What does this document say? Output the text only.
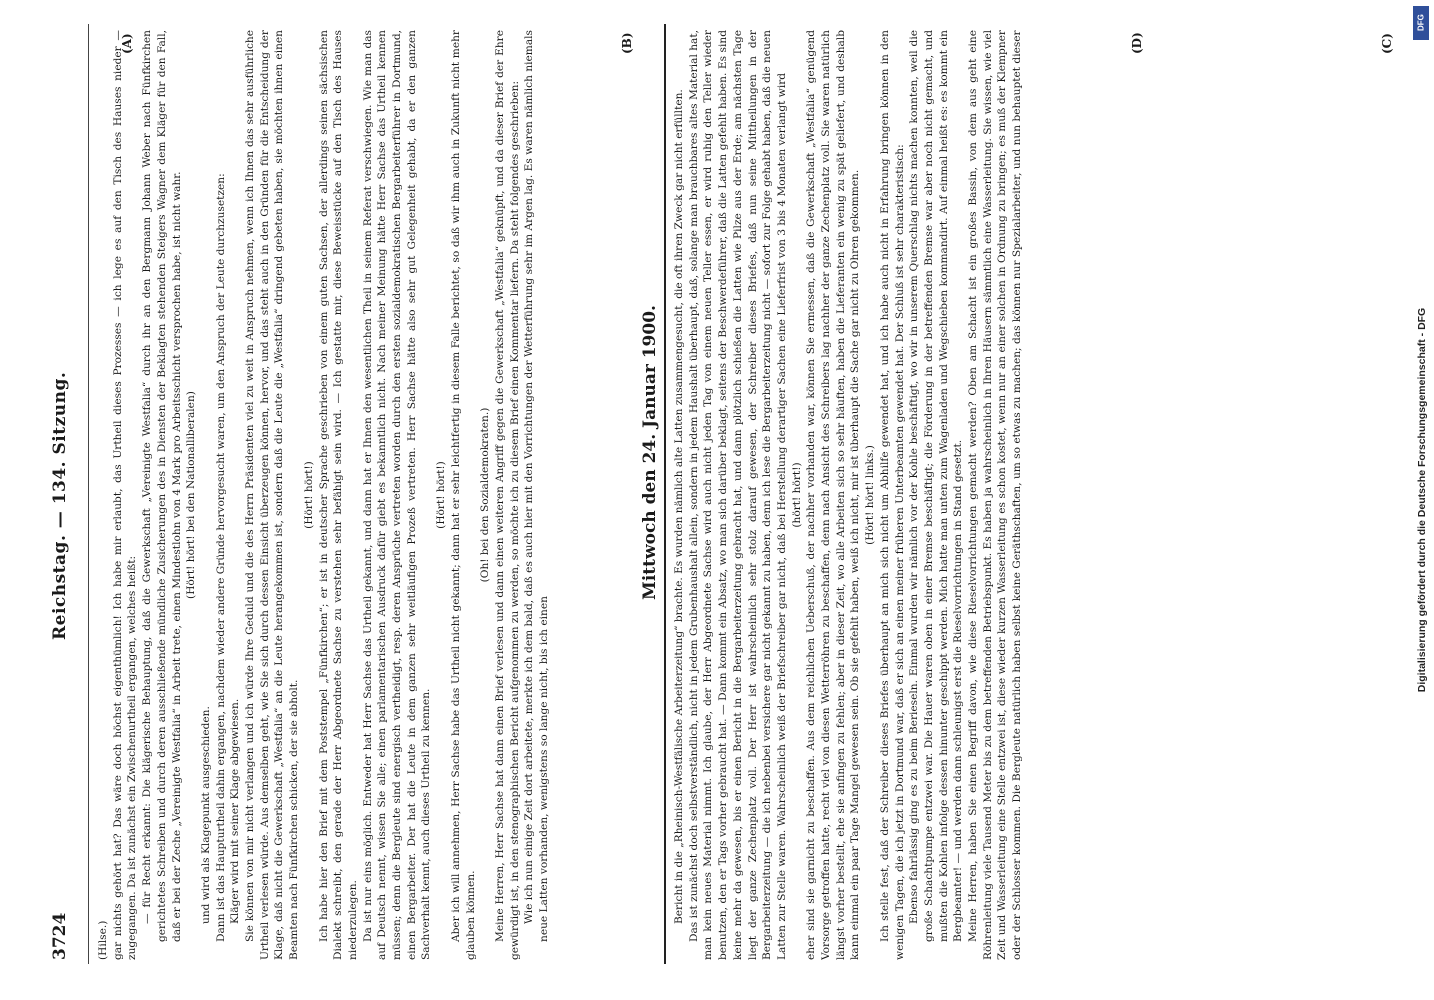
3724
Reichstag. — 134. Sitzung.
(A)	(B)

(Hilse.) gar nichts gehört hat? Das wäre doch höchst eigenthümlich! Ich habe mir erlaubt, das Urtheil dieses Prozesses — ich lege es auf den Tisch des Hauses nieder — zugegangen. Da ist zunächst ein Zwischenurtheil ergangen, welches heißt: — für Recht erkannt: Die klägerische Behauptung, daß die Gewerkschaft „Vereinigte Westfalia“ durch ihr an den Bergmann Johann Weber nach Fünfkirchen gerichtetes Schreiben und durch deren ausschließende mündliche Zusicherungen des in Diensten der Beklagten stehenden Steigers Wagner dem Kläger für den Fall, daß er bei der Zeche „Vereinigte Westfalia“ in Arbeit trete, einen Mindestlohn von 4 Mark pro Arbeitsschicht versprochen habe, ist nicht wahr. (Hört! hört! bei den Nationalliberalen)

und wird als Klagepunkt ausgeschieden. Dann ist das Haupturtheil dahin ergangen, nachdem wieder andere Gründe hervorgesucht waren, um den Anspruch der Leute durchzusetzen: Kläger wird mit seiner Klage abgewiesen. Sie können von mir nicht verlangen und ich würde Ihre Geduld und die des Herrn Präsidenten viel zu weit in Anspruch nehmen, wenn ich Ihnen das sehr ausführliche Urtheil verlesen würde. Aus demselben geht, wie Sie sich durch dessen Einsicht überzeugen können, hervor, und das steht auch in den Gründen für die Entscheidung der Klage, daß nicht die Gewerkschaft „Westfalia“ an die Leute herangekommen ist, sondern daß die Leute die „Westfalia“ dringend gebeten haben, sie möchten ihnen einen Beamten nach Fünfkirchen schicken, der sie abholt.

(Hört! hört!) Ich habe hier den Brief mit dem Poststempel „Fünfkirchen“; er ist in deutscher Sprache geschrieben von einem guten Sachsen, der allerdings seinen sächsischen Dialekt schreibt, den gerade der Herr Abgeordnete Sachse zu verstehen sehr befähigt sein wird. — Ich gestatte mir, diese Beweisstücke auf den Tisch des Hauses niederzulegen. Da ist nur eins möglich. Entweder hat Herr Sachse das Urtheil gekannt, und dann hat er Ihnen den wesentlichen Theil in seinem Referat verschwiegen. Wie man das auf Deutsch nennt, wissen Sie alle; einen parlamentarischen Ausdruck dafür giebt es bekanntlich nicht. Nach meiner Meinung hätte Herr Sachse das Urtheil kennen müssen; denn die Bergleute sind energisch vertheidigt, resp. deren Ansprüche vertreten worden durch den ersten sozialdemokratischen Bergarbeiterführer in Dortmund, einen Bergarbeiter. Der hat die Leute in dem ganzen sehr weitläufigen Prozeß vertreten. Herr Sachse hätte also sehr gut Gelegenheit gehabt, da er den ganzen Sachverhalt kennt, auch dieses Urtheil zu kennen.

(Hört! hört!) Aber ich will annehmen, Herr Sachse habe das Urtheil nicht gekannt; dann hat er sehr leichtfertig in diesem Falle berichtet, so daß wir ihm auch in Zukunft nicht mehr glauben können.

(Oh! bei den Sozialdemokraten.) Meine Herren, Herr Sachse hat dann einen Brief verlesen und dann einen weiteren Angriff gegen die Gewerkschaft „Westfalia“ geknüpft, und da dieser Brief der Ehre gewürdigt ist, in den stenographischen Bericht aufgenommen zu werden, so möchte ich zu diesem Brief einen Kommentar liefern. Da steht folgendes geschrieben: Wie ich nun einige Zeit dort arbeitete, merkte ich dem bald, daß es auch hier mit den Vorrichtungen der Wetterführung sehr im Argen lag. Es waren nämlich niemals neue Latten vorhanden, wenigstens so lange nicht, bis ich einen	Bericht in die „Rheinisch-Westfälische Arbeiterzeitung“ brachte. Es wurden nämlich alte Latten zusammengesucht, die oft ihren Zweck gar nicht erfüllten. Das ist zunächst doch selbstverständlich, nicht in jedem Grubenhaushalt allein, sondern in jedem Haushalt überhaupt, daß, solange man brauchbares altes Material hat, man kein neues Material nimmt. Ich glaube, der Herr Abgeordnete Sachse wird auch nicht jeden Tag von einem neuen Teller essen, er wird ruhig den Teller wieder benutzen, den er Tags vorher gebraucht hat. — Dann kommt ein Absatz, wo man sich darüber beklagt, seitens der Beschwerdeführer, daß die Latten gefehlt haben. Es sind keine mehr da gewesen, bis er einen Bericht in die Bergarbeiterzeitung gebracht hat, und dann plötzlich schießen die Latten wie Pilze aus der Erde; am nächsten Tage liegt der ganze Zechenplatz voll. Der Herr ist wahrscheinlich sehr stolz darauf gewesen, der Schreiber dieses Briefes, daß nun seine Mittheilungen in der Bergarbeiterzeitung — die ich nebenbei versichere gar nicht gekannt zu haben, denn ich lese die Bergarbeiterzeitung nicht — sofort zur Folge gehabt haben, daß die neuen Latten zur Stelle waren. Wahrscheinlich weiß der Briefschreiber gar nicht, daß bei Herstellung derartiger Sachen eine Lieferfrist von 3 bis 4 Monaten verlangt wird (hört! hört!) eher sind sie garnicht zu beschaffen. Aus dem reichlichen Ueberschuß, der nachher vorhanden war, können Sie ermessen, daß die Gewerkschaft „Westfalia“ genügend Vorsorge getroffen hatte, recht viel von diesen Wetterröhren zu beschaffen, denn nach Ansicht des Schreibers lag nachher der ganze Zechenplatz voll. Sie waren natürlich längst vorher bestellt, ehe sie anfingen zu fehlen; aber in dieser Zeit, wo alle Arbeiten sich so sehr häuften, haben die Lieferanten ein wenig zu spät geliefert, und deshalb kann einmal ein paar Tage Mangel gewesen sein. Ob sie gefehlt haben, weiß ich nicht, mir ist überhaupt die Sache gar nicht zu Ohren gekommen. (Hört! hört! links.) Ich stelle fest, daß der Schreiber dieses Briefes überhaupt an mich sich nicht um Abhilfe gewendet hat, und ich habe auch nicht in Erfahrung bringen können in den wenigen Tagen, die ich jetzt in Dortmund war, daß er sich an einen meiner früheren Unterbeamten gewendet hat. Der Schluß ist sehr charakteristisch: Ebenso fahrlässig ging es zu beim Berieseln. Einmal wurden wir nämlich vor der Kohle beschäftigt, wo wir in unserem Querschlag nichts machen konnten, weil die große Schachtpumpe entzwei war. Die Hauer waren oben in einer Bremse beschäftigt; die Förderung in der betreffenden Bremse war aber noch nicht gemacht, und mußten die Kohlen infolge dessen hinunter geschippt werden. Mich hatte man unten zum Wagenladen und Wegschieben kommandirt. Auf einmal heißt es: es kommt ein Bergbeamter! — und werden dann schleunigst erst die Rieselvorrichtungen in Stand gesetzt. Meine Herren, haben Sie einen Begriff davon, wie diese Rieselvorrichtungen gemacht werden? Oben am Schacht ist ein großes Bassin, von dem aus geht eine Röhrenleitung viele Tausend Meter bis zu dem betreffenden Betriebspunkt. Es haben ja wahrscheinlich in Ihren Häusern sämmtlich eine Wasserleitung. Sie wissen, wie viel Zeit und Wasserleitung eine Stelle entzwei ist, diese wieder kurzen Wasserleitung es schon kostet, wenn nur an einer solchen in Ordnung zu bringen; es muß der Klempner oder der Schlosser kommen. Die Bergleute natürlich haben selbst keine Geräthschaften, um so etwas zu machen; das können nur Spezialarbeiter, und nun behauptet dieser

Mittwoch den 24. Januar 1900.
(C)
(D)
DFG
Digitalisierung gefördert durch die Deutsche Forschungsgemeinschaft - DFG
